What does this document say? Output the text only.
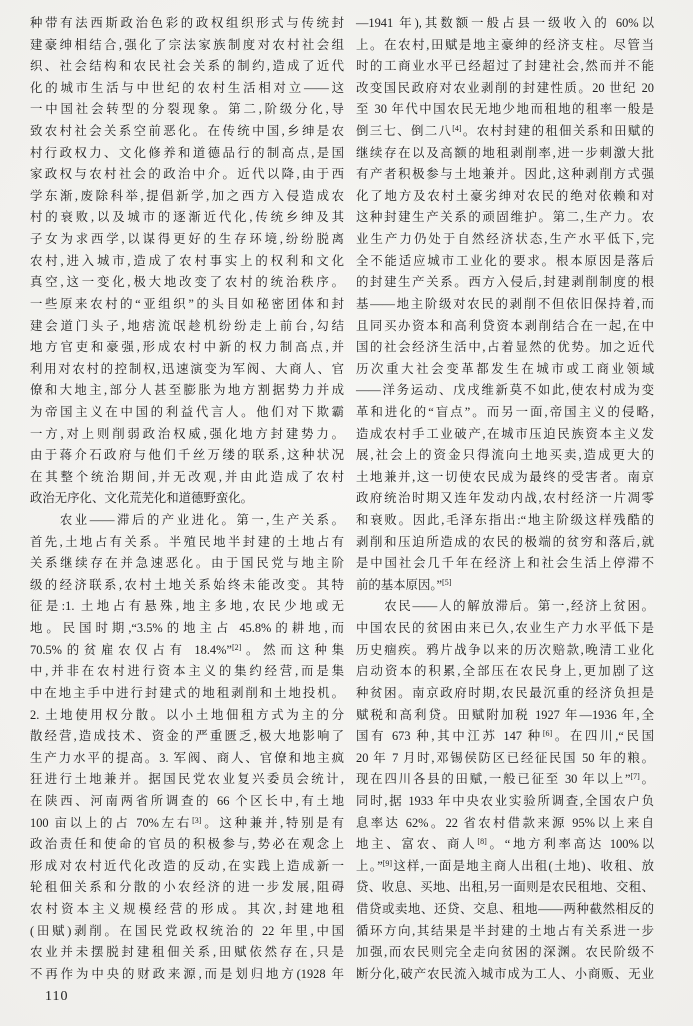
种带有法西斯政治色彩的政权组织形式与传统封
建豪绅相结合,强化了宗法家族制度对农村社会组
织、社会结构和农民社会关系的制约,造成了近代
化的城市生活与中世纪的农村生活相对立——这
一中国社会转型的分裂现象。第二,阶级分化,导
致农村社会关系空前恶化。在传统中国,乡绅是农
村行政权力、文化修养和道德品行的制高点,是国
家政权与农村社会的政治中介。近代以降,由于西
学东渐,废除科举,提倡新学,加之西方入侵造成农
村的衰败,以及城市的逐渐近代化,传统乡绅及其
子女为求西学,以谋得更好的生存环境,纷纷脱离
农村,进入城市,造成了农村事实上的权利和文化
真空,这一变化,极大地改变了农村的统治秩序。
一些原来农村的“亚组织”的头目如秘密团体和封
建会道门头子,地痞流氓趁机纷纷走上前台,勾结
地方官吏和豪强,形成农村中新的权力制高点,并
利用对农村的控制权,迅速演变为军阀、大商人、官
僚和大地主,部分人甚至膨胀为地方割据势力并成
为帝国主义在中国的利益代言人。他们对下欺霸
一方,对上则削弱政治权威,强化地方封建势力。
由于蒋介石政府与他们千丝万缕的联系,这种状况
在其整个统治期间,并无改观,并由此造成了农村
政治无序化、文化荒芜化和道德野蛮化。
　　农业——滞后的产业进化。第一,生产关系。
首先,土地占有关系。半殖民地半封建的土地占有
关系继续存在并急速恶化。由于国民党与地主阶
级的经济联系,农村土地关系始终未能改变。其特
征是:1. 土地占有悬殊,地主多地,农民少地或无
地。民国时期,“3.5%的地主占 45.8%的耕地,而
70.5%的贫雇农仅占有 18.4%”[2]。然而这种集
中,并非在农村进行资本主义的集约经营,而是集
中在地主手中进行封建式的地租剥削和土地投机。
2. 土地使用权分散。以小土地佃租方式为主的分
散经营,造成技术、资金的严重匮乏,极大地影响了
生产力水平的提高。3. 军阀、商人、官僚和地主疯
狂进行土地兼并。据国民党农业复兴委员会统计,
在陕西、河南两省所调查的 66 个区长中,有土地
100 亩以上的占 70%左右[3]。这种兼并,特别是有
政治责任和使命的官员的积极参与,势必在观念上
形成对农村近代化改造的反动,在实践上造成新一
轮租佃关系和分散的小农经济的进一步发展,阻碍
农村资本主义规模经营的形成。其次,封建地租
(田赋)剥削。在国民党政权统治的 22 年里,中国
农业并未摆脱封建租佃关系,田赋依然存在,只是
不再作为中央的财政来源,而是划归地方(1928 年
—1941 年),其数额一般占县一级收入的 60%以
上。在农村,田赋是地主豪绅的经济支柱。尽管当
时的工商业水平已经超过了封建社会,然而并不能
改变国民政府对农业剥削的封建性质。20 世纪 20
至 30 年代中国农民无地少地而租地的租率一般是
倒三七、倒二八[4]。农村封建的租佃关系和田赋的
继续存在以及高额的地租剥削率,进一步刺激大批
有产者积极参与土地兼并。因此,这种剥削方式强
化了地方及农村土豪劣绅对农民的绝对依赖和对
这种封建生产关系的顽固维护。第二,生产力。农
业生产力仍处于自然经济状态,生产水平低下,完
全不能适应城市工业化的要求。根本原因是落后
的封建生产关系。西方入侵后,封建剥削制度的根
基——地主阶级对农民的剥削不但依旧保持着,而
且同买办资本和高利贷资本剥削结合在一起,在中
国的社会经济生活中,占着显然的优势。加之近代
历次重大社会变革都发生在城市或工商业领域
——洋务运动、戊戌维新莫不如此,使农村成为变
革和进化的“盲点”。而另一面,帝国主义的侵略,
造成农村手工业破产,在城市压迫民族资本主义发
展,社会上的资金只得流向土地买卖,造成更大的
土地兼并,这一切使农民成为最终的受害者。南京
政府统治时期又连年发动内战,农村经济一片凋零
和衰败。因此,毛泽东指出:“地主阶级这样残酷的
剥削和压迫所造成的农民的极端的贫穷和落后,就
是中国社会几千年在经济上和社会生活上停滞不
前的基本原因。”[5]
　　农民——人的解放滞后。第一,经济上贫困。
中国农民的贫困由来已久,农业生产力水平低下是
历史痼疾。鸦片战争以来的历次赔款,晚清工业化
启动资本的积累,全部压在农民身上,更加剧了这
种贫困。南京政府时期,农民最沉重的经济负担是
赋税和高利贷。田赋附加税 1927 年—1936 年,全
国有 673 种,其中江苏 147 种[6]。在四川,“民国
20 年 7 月时,邓锡侯防区已经征民国 50 年的粮。
现在四川各县的田赋,一般已征至 30 年以上”[7]。
同时,据 1933 年中央农业实验所调查,全国农户负
息率达 62%。22 省农村借款来源 95%以上来自
地主、富农、商人[8]。“地方利率高达 100%以
上。”[9]这样,一面是地主商人出租(土地)、收租、放
贷、收息、买地、出租,另一面则是农民租地、交租、
借贷或卖地、还贷、交息、租地——两种截然相反的
循环方向,其结果是半封建的土地占有关系进一步
加强,而农民则完全走向贫困的深渊。农民阶级不
断分化,破产农民流入城市成为工人、小商贩、无业
110
